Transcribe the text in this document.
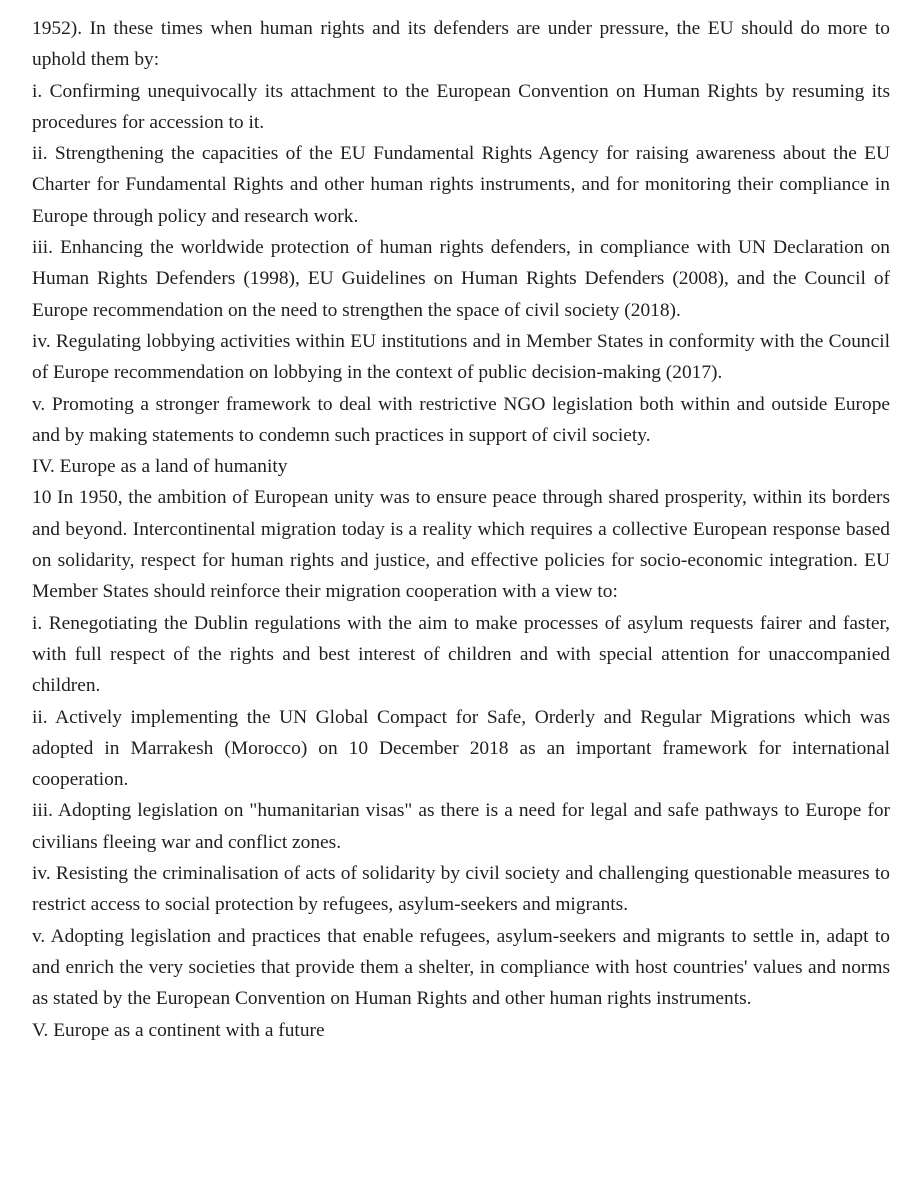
1952). In these times when human rights and its defenders are under pressure, the EU should do more to uphold them by:

i. Confirming unequivocally its attachment to the European Convention on Human Rights by resuming its procedures for accession to it.

ii. Strengthening the capacities of the EU Fundamental Rights Agency for raising awareness about the EU Charter for Fundamental Rights and other human rights instruments, and for monitoring their compliance in Europe through policy and research work.

iii. Enhancing the worldwide protection of human rights defenders, in compliance with UN Declaration on Human Rights Defenders (1998), EU Guidelines on Human Rights Defenders (2008), and the Council of Europe recommendation on the need to strengthen the space of civil society (2018).

iv. Regulating lobbying activities within EU institutions and in Member States in conformity with the Council of Europe recommendation on lobbying in the context of public decision-making (2017).

v. Promoting a stronger framework to deal with restrictive NGO legislation both within and outside Europe and by making statements to condemn such practices in support of civil society.

IV. Europe as a land of humanity

10 In 1950, the ambition of European unity was to ensure peace through shared prosperity, within its borders and beyond. Intercontinental migration today is a reality which requires a collective European response based on solidarity, respect for human rights and justice, and effective policies for socio-economic integration. EU Member States should reinforce their migration cooperation with a view to:

i. Renegotiating the Dublin regulations with the aim to make processes of asylum requests fairer and faster, with full respect of the rights and best interest of children and with special attention for unaccompanied children.

ii. Actively implementing the UN Global Compact for Safe, Orderly and Regular Migrations which was adopted in Marrakesh (Morocco) on 10 December 2018 as an important framework for international cooperation.

iii. Adopting legislation on "humanitarian visas" as there is a need for legal and safe pathways to Europe for civilians fleeing war and conflict zones.

iv. Resisting the criminalisation of acts of solidarity by civil society and challenging questionable measures to restrict access to social protection by refugees, asylum-seekers and migrants.

v. Adopting legislation and practices that enable refugees, asylum-seekers and migrants to settle in, adapt to and enrich the very societies that provide them a shelter, in compliance with host countries' values and norms as stated by the European Convention on Human Rights and other human rights instruments.

V. Europe as a continent with a future
